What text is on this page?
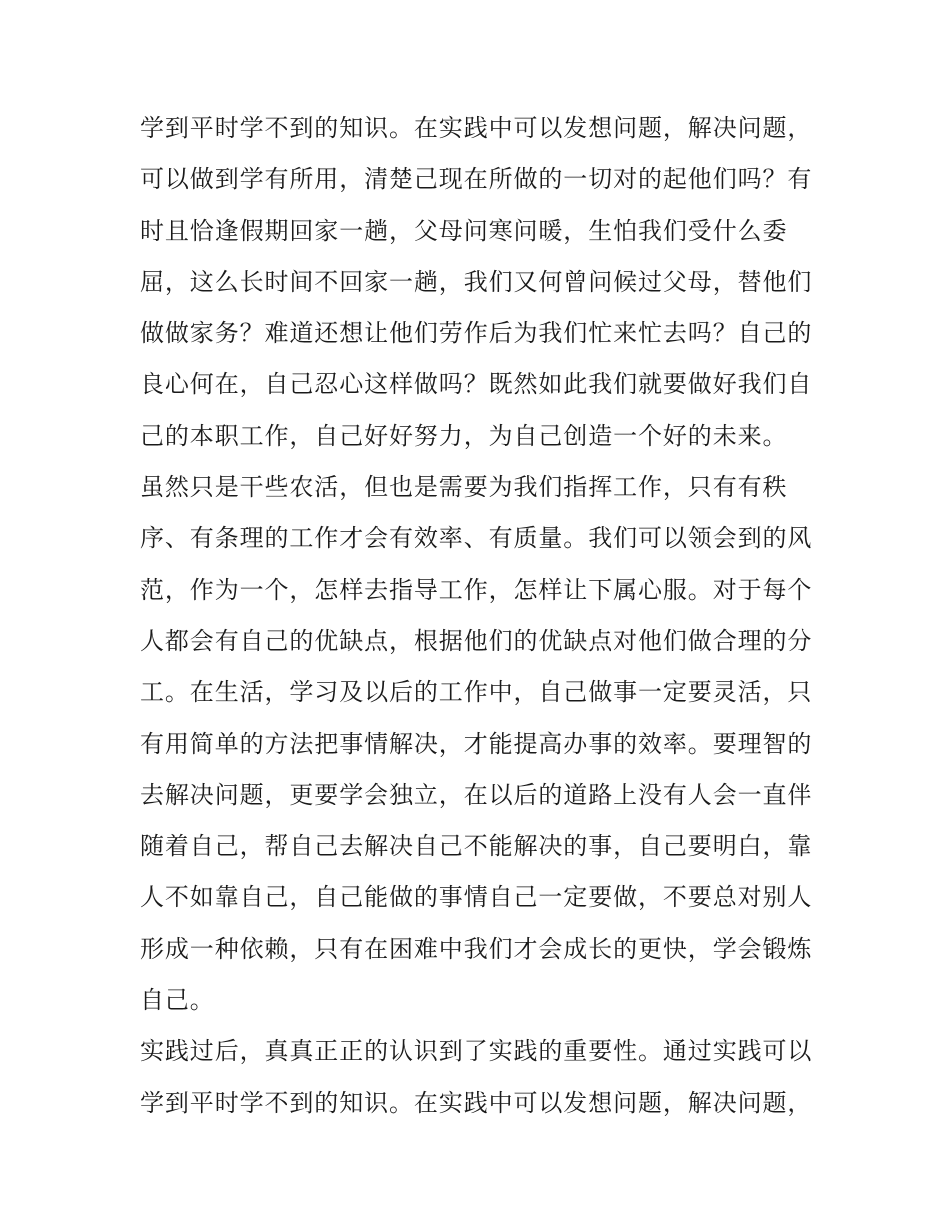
学到平时学不到的知识。在实践中可以发想问题，解决问题，
可以做到学有所用，清楚己现在所做的一切对的起他们吗？有
时且恰逢假期回家一趟，父母问寒问暖，生怕我们受什么委
屈，这么长时间不回家一趟，我们又何曾问候过父母，替他们
做做家务？难道还想让他们劳作后为我们忙来忙去吗？自己的
良心何在，自己忍心这样做吗？既然如此我们就要做好我们自
己的本职工作，自己好好努力，为自己创造一个好的未来。
虽然只是干些农活，但也是需要为我们指挥工作，只有有秩
序、有条理的工作才会有效率、有质量。我们可以领会到的风
范，作为一个，怎样去指导工作，怎样让下属心服。对于每个
人都会有自己的优缺点，根据他们的优缺点对他们做合理的分
工。在生活，学习及以后的工作中，自己做事一定要灵活，只
有用简单的方法把事情解决，才能提高办事的效率。要理智的
去解决问题，更要学会独立，在以后的道路上没有人会一直伴
随着自己，帮自己去解决自己不能解决的事，自己要明白，靠
人不如靠自己，自己能做的事情自己一定要做，不要总对别人
形成一种依赖，只有在困难中我们才会成长的更快，学会锻炼
自己。
实践过后，真真正正的认识到了实践的重要性。通过实践可以
学到平时学不到的知识。在实践中可以发想问题，解决问题，
